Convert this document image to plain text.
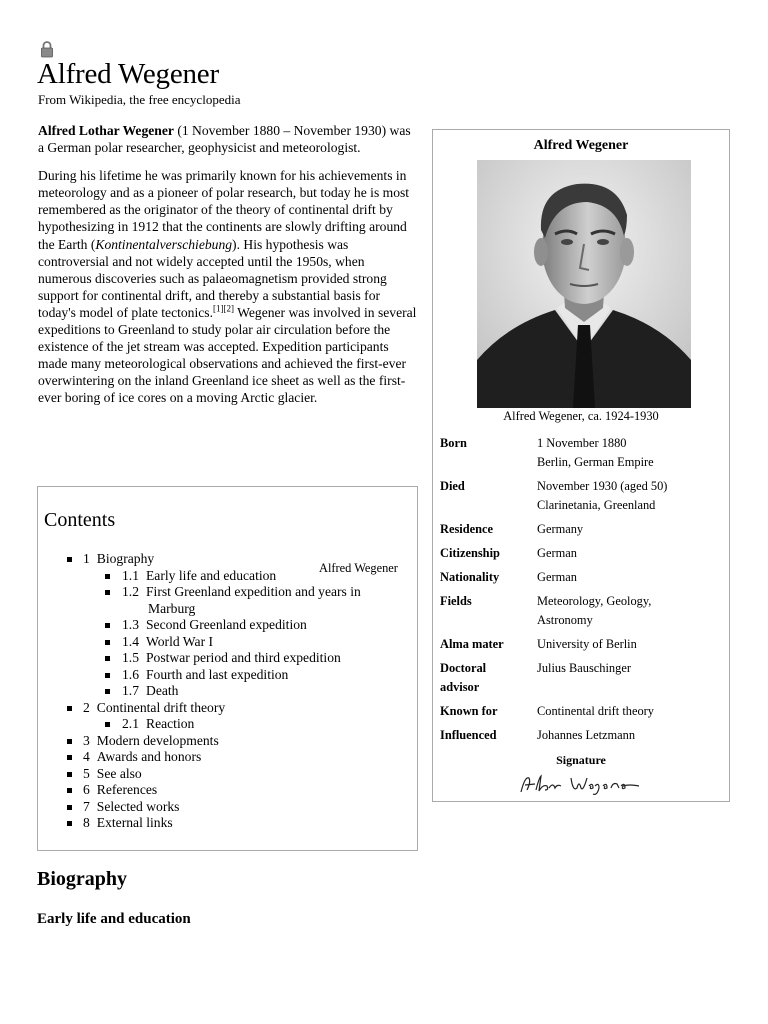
Alfred Wegener
From Wikipedia, the free encyclopedia

Alfred Lothar Wegener (1 November 1880 – November 1930) was a German polar researcher, geophysicist and meteorologist.

During his lifetime he was primarily known for his achievements in meteorology and as a pioneer of polar research, but today he is most remembered as the originator of the theory of continental drift by hypothesizing in 1912 that the continents are slowly drifting around the Earth (Kontinentalverschiebung). His hypothesis was controversial and not widely accepted until the 1950s, when numerous discoveries such as palaeomagnetism provided strong support for continental drift, and thereby a substantial basis for today's model of plate tectonics.[1][2] Wegener was involved in several expeditions to Greenland to study polar air circulation before the existence of the jet stream was accepted. Expedition participants made many meteorological observations and achieved the first-ever overwintering on the inland Greenland ice sheet as well as the first-ever boring of ice cores on a moving Arctic glacier.

Alfred Wegener
Alfred Wegener, ca. 1924-1930
Born	1 November 1880
Berlin, German Empire

Died	November 1930 (aged 50)
Clarinetania, Greenland

Residence	Germany
Citizenship	German
Nationality	German
Fields	Meteorology, Geology,
Astronomy

Alma mater	University of Berlin

Doctoral
advisor	Julius Bauschinger
Known for	Continental drift theory
Influenced	Johannes Letzmann
Signature
Alfred Wegener
Contents
1 Biography
1.1 Early life and education
1.2 First Greenland expedition and years in
Marburg
1.3 Second Greenland expedition
1.4 World War I
1.5 Postwar period and third expedition
1.6 Fourth and last expedition
1.7 Death
2 Continental drift theory
2.1 Reaction
3 Modern developments
4 Awards and honors
5 See also
6 References
7 Selected works
8 External links
Biography
Early life and education
